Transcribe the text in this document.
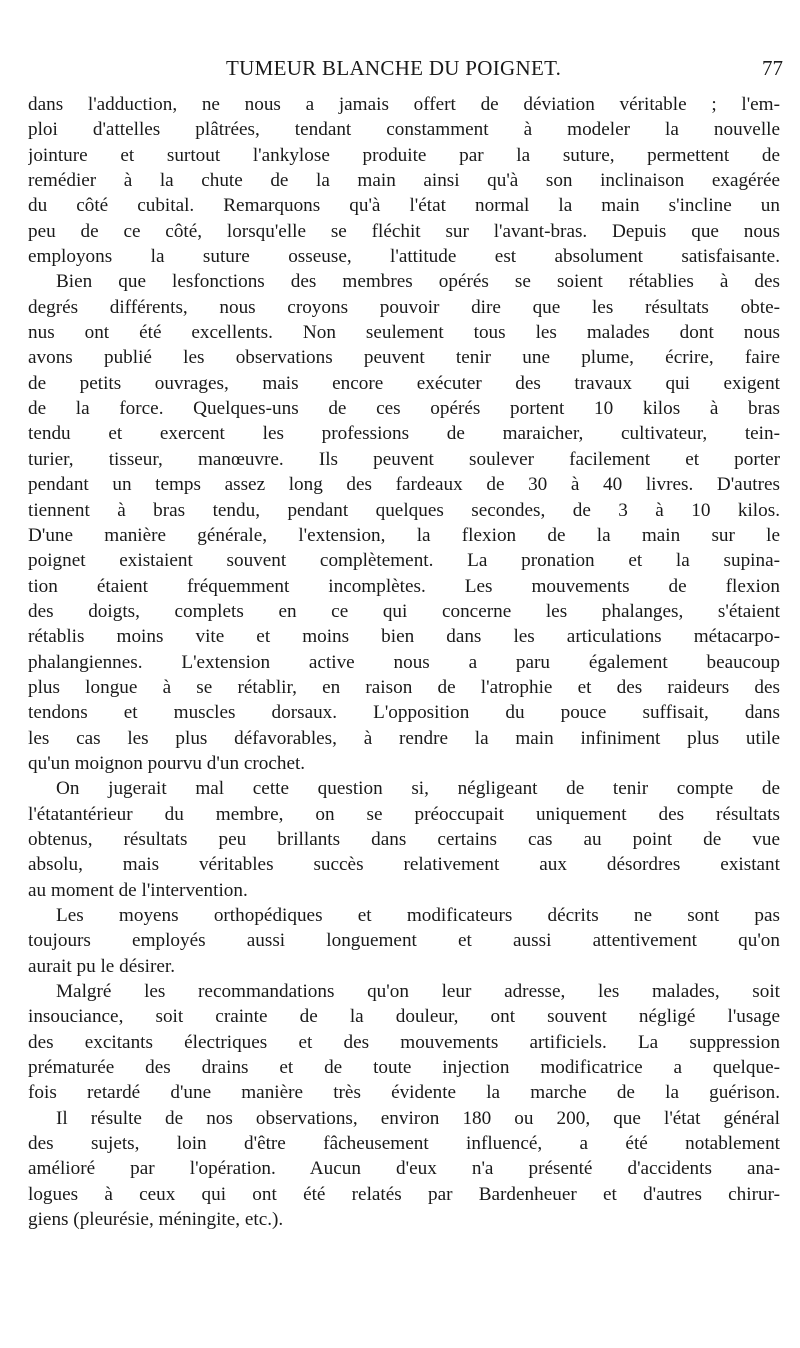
TUMEUR BLANCHE DU POIGNET.	77
dans l'adduction, ne nous a jamais offert de déviation véritable ; l'em-
ploi d'attelles plâtrées, tendant constamment à modeler la nouvelle
jointure et surtout l'ankylose produite par la suture, permettent de
remédier à la chute de la main ainsi qu'à son inclinaison exagérée
du côté cubital. Remarquons qu'à l'état normal la main s'incline un
peu de ce côté, lorsqu'elle se fléchit sur l'avant-bras. Depuis que nous
employons la suture osseuse, l'attitude est absolument satisfaisante.
Bien que lesfonctions des membres opérés se soient rétablies à des
degrés différents, nous croyons pouvoir dire que les résultats obte-
nus ont été excellents. Non seulement tous les malades dont nous
avons publié les observations peuvent tenir une plume, écrire, faire
de petits ouvrages, mais encore exécuter des travaux qui exigent
de la force. Quelques-uns de ces opérés portent 10 kilos à bras
tendu et exercent les professions de maraicher, cultivateur, tein-
turier, tisseur, manœuvre. Ils peuvent soulever facilement et porter
pendant un temps assez long des fardeaux de 30 à 40 livres. D'autres
tiennent à bras tendu, pendant quelques secondes, de 3 à 10 kilos.
D'une manière générale, l'extension, la flexion de la main sur le
poignet existaient souvent complètement. La pronation et la supina-
tion étaient fréquemment incomplètes. Les mouvements de flexion
des doigts, complets en ce qui concerne les phalanges, s'étaient
rétablis moins vite et moins bien dans les articulations métacarpo-
phalangiennes. L'extension active nous a paru également beaucoup
plus longue à se rétablir, en raison de l'atrophie et des raideurs des
tendons et muscles dorsaux. L'opposition du pouce suffisait, dans
les cas les plus défavorables, à rendre la main infiniment plus utile
qu'un moignon pourvu d'un crochet.
On jugerait mal cette question si, négligeant de tenir compte de
l'étatantérieur du membre, on se préoccupait uniquement des résultats
obtenus, résultats peu brillants dans certains cas au point de vue
absolu, mais véritables succès relativement aux désordres existant
au moment de l'intervention.
Les moyens orthopédiques et modificateurs décrits ne sont pas
toujours employés aussi longuement et aussi attentivement qu'on
aurait pu le désirer.
Malgré les recommandations qu'on leur adresse, les malades, soit
insouciance, soit crainte de la douleur, ont souvent négligé l'usage
des excitants électriques et des mouvements artificiels. La suppression
prématurée des drains et de toute injection modificatrice a quelque-
fois retardé d'une manière très évidente la marche de la guérison.
Il résulte de nos observations, environ 180 ou 200, que l'état général
des sujets, loin d'être fâcheusement influencé, a été notablement
amélioré par l'opération. Aucun d'eux n'a présenté d'accidents ana-
logues à ceux qui ont été relatés par Bardenheuer et d'autres chirur-
giens (pleurésie, méningite, etc.).
